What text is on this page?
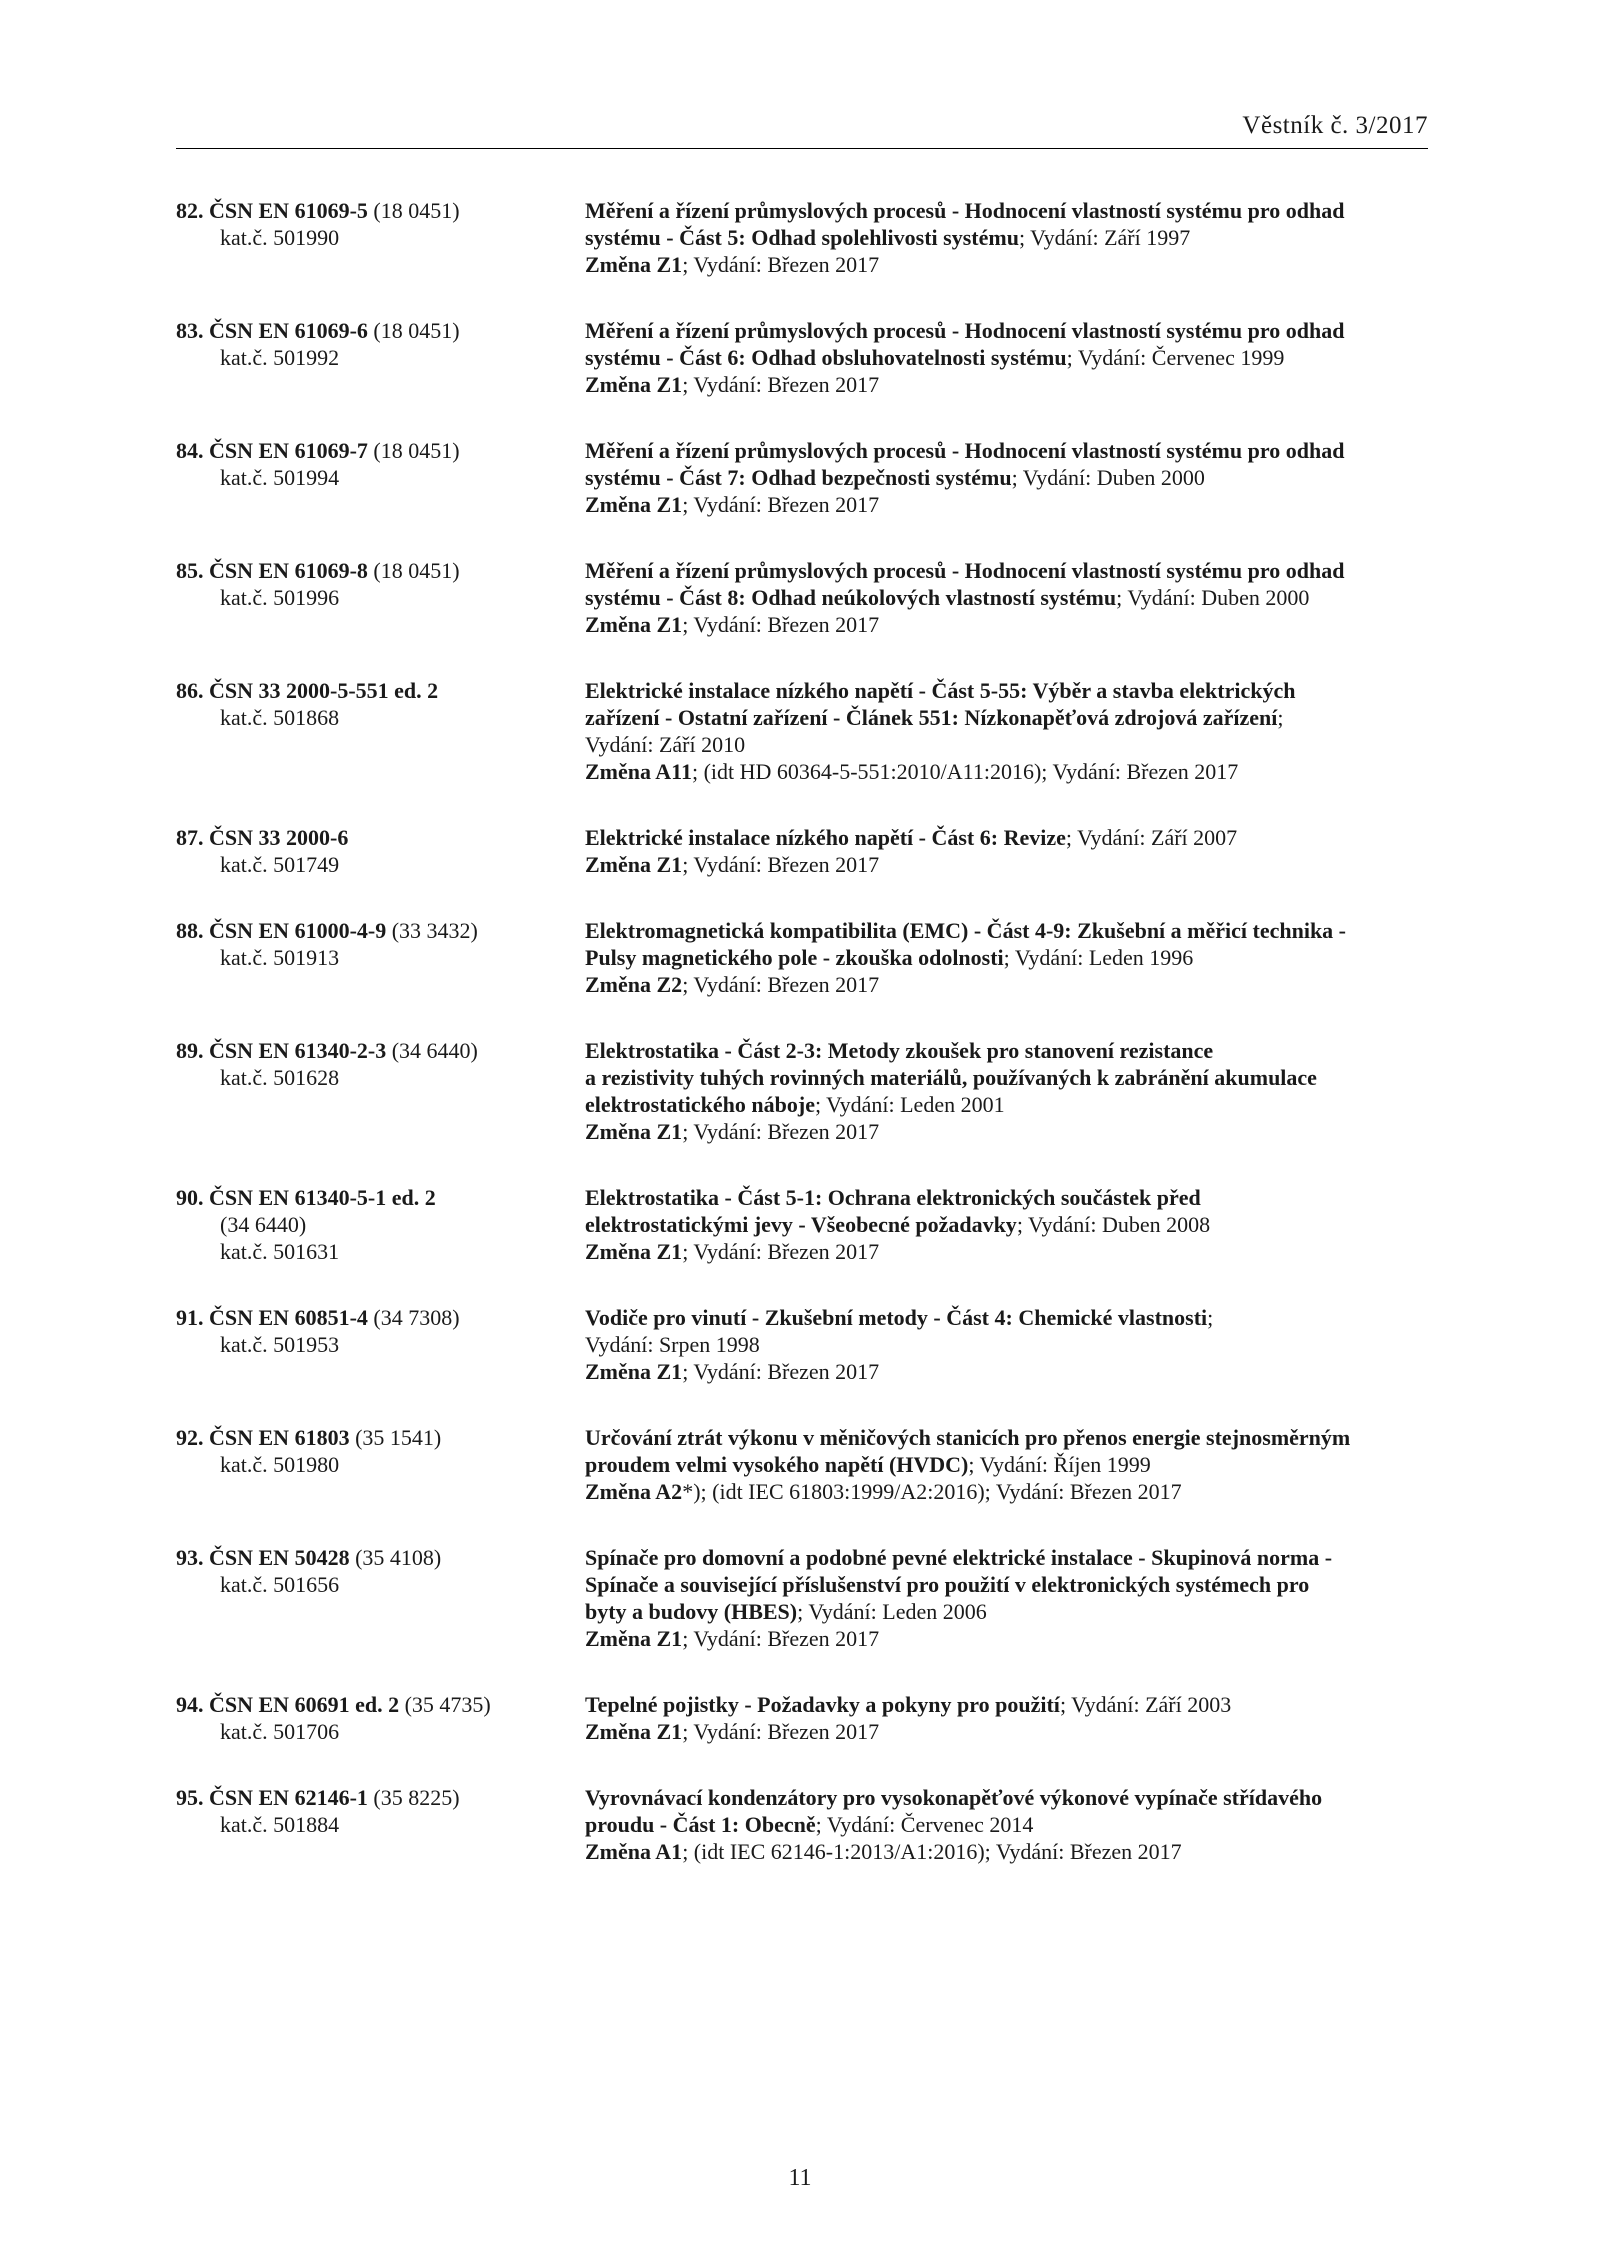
Věstník č. 3/2017
82. ČSN EN 61069-5 (18 0451)
kat.č. 501990
Měření a řízení průmyslových procesů - Hodnocení vlastností systému pro odhad
systému - Část 5: Odhad spolehlivosti systému; Vydání: Září 1997
Změna Z1; Vydání: Březen 2017
83. ČSN EN 61069-6 (18 0451)
kat.č. 501992
Měření a řízení průmyslových procesů - Hodnocení vlastností systému pro odhad
systému - Část 6: Odhad obsluhovatelnosti systému; Vydání: Červenec 1999
Změna Z1; Vydání: Březen 2017
84. ČSN EN 61069-7 (18 0451)
kat.č. 501994
Měření a řízení průmyslových procesů - Hodnocení vlastností systému pro odhad
systému - Část 7: Odhad bezpečnosti systému; Vydání: Duben 2000
Změna Z1; Vydání: Březen 2017
85. ČSN EN 61069-8 (18 0451)
kat.č. 501996
Měření a řízení průmyslových procesů - Hodnocení vlastností systému pro odhad
systému - Část 8: Odhad neúkolových vlastností systému; Vydání: Duben 2000
Změna Z1; Vydání: Březen 2017
86. ČSN 33 2000-5-551 ed. 2
kat.č. 501868
Elektrické instalace nízkého napětí - Část 5-55: Výběr a stavba elektrických
zařízení - Ostatní zařízení - Článek 551: Nízkonapěťová zdrojová zařízení;
Vydání: Září 2010
Změna A11; (idt HD 60364-5-551:2010/A11:2016); Vydání: Březen 2017
87. ČSN 33 2000-6
kat.č. 501749
Elektrické instalace nízkého napětí - Část 6: Revize; Vydání: Září 2007
Změna Z1; Vydání: Březen 2017
88. ČSN EN 61000-4-9 (33 3432)
kat.č. 501913
Elektromagnetická kompatibilita (EMC) - Část 4-9: Zkušební a měřicí technika -
Pulsy magnetického pole - zkouška odolnosti; Vydání: Leden 1996
Změna Z2; Vydání: Březen 2017
89. ČSN EN 61340-2-3 (34 6440)
kat.č. 501628
Elektrostatika - Část 2-3: Metody zkoušek pro stanovení rezistance
a rezistivity tuhých rovinných materiálů, používaných k zabránění akumulace
elektrostatického náboje; Vydání: Leden 2001
Změna Z1; Vydání: Březen 2017
90. ČSN EN 61340-5-1 ed. 2
(34 6440)
kat.č. 501631
Elektrostatika - Část 5-1: Ochrana elektronických součástek před
elektrostatickými jevy - Všeobecné požadavky; Vydání: Duben 2008
Změna Z1; Vydání: Březen 2017
91. ČSN EN 60851-4 (34 7308)
kat.č. 501953
Vodiče pro vinutí - Zkušební metody - Část 4: Chemické vlastnosti;
Vydání: Srpen 1998
Změna Z1; Vydání: Březen 2017
92. ČSN EN 61803 (35 1541)
kat.č. 501980
Určování ztrát výkonu v měničových stanicích pro přenos energie stejnosměrným
proudem velmi vysokého napětí (HVDC); Vydání: Říjen 1999
Změna A2*); (idt IEC 61803:1999/A2:2016); Vydání: Březen 2017
93. ČSN EN 50428 (35 4108)
kat.č. 501656
Spínače pro domovní a podobné pevné elektrické instalace - Skupinová norma -
Spínače a související příslušenství pro použití v elektronických systémech pro
byty a budovy (HBES); Vydání: Leden 2006
Změna Z1; Vydání: Březen 2017
94. ČSN EN 60691 ed. 2 (35 4735)
kat.č. 501706
Tepelné pojistky - Požadavky a pokyny pro použití; Vydání: Září 2003
Změna Z1; Vydání: Březen 2017
95. ČSN EN 62146-1 (35 8225)
kat.č. 501884
Vyrovnávací kondenzátory pro vysokonapěťové výkonové vypínače střídavého
proudu - Část 1: Obecně; Vydání: Červenec 2014
Změna A1; (idt IEC 62146-1:2013/A1:2016); Vydání: Březen 2017
11
